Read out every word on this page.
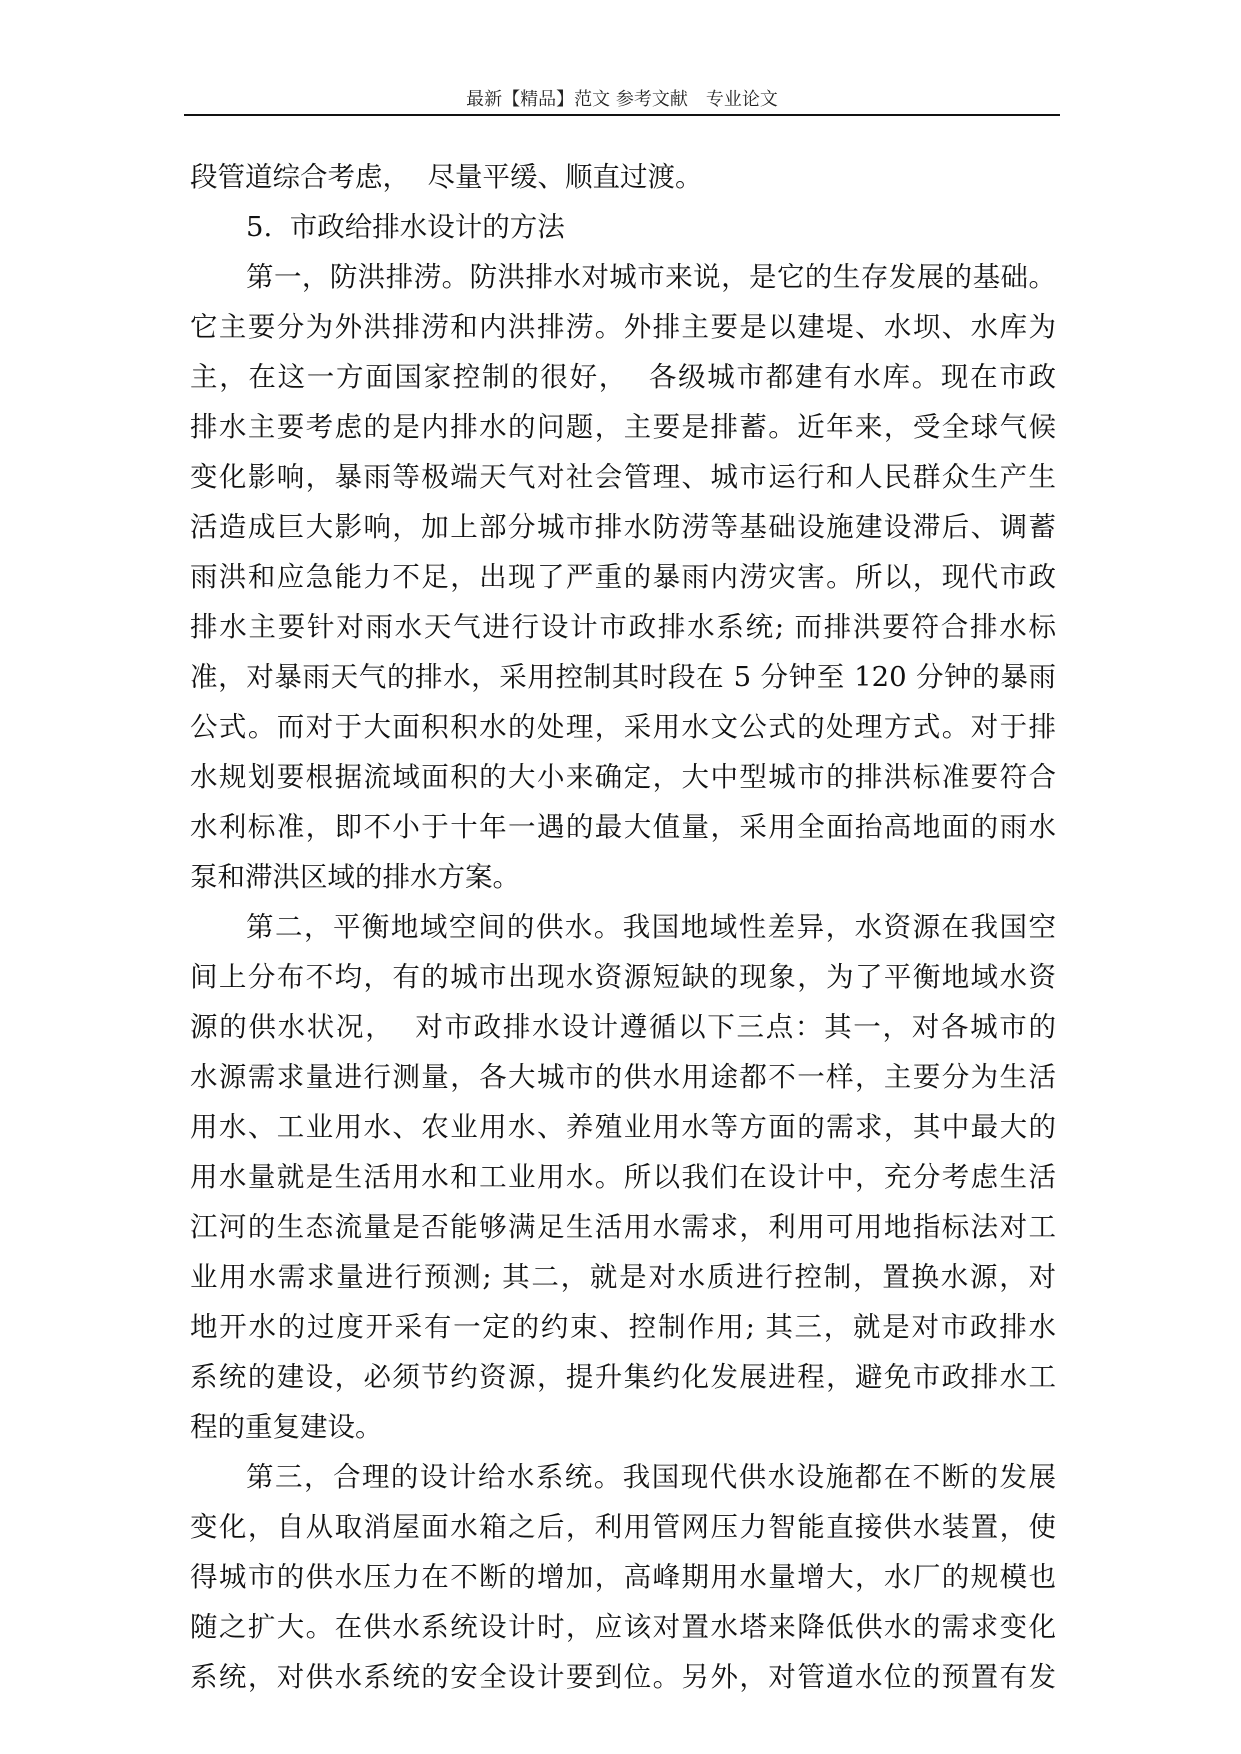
最新【精品】范文 参考文献　专业论文
段管道综合考虑，  尽量平缓、顺直过渡。
5.  市政给排水设计的方法
第一，防洪排涝。防洪排水对城市来说，是它的生存发展的基础。
它主要分为外洪排涝和内洪排涝。外排主要是以建堤、水坝、水库为
主，在这一方面国家控制的很好，  各级城市都建有水库。现在市政
排水主要考虑的是内排水的问题，主要是排蓄。近年来，受全球气候
变化影响，暴雨等极端天气对社会管理、城市运行和人民群众生产生
活造成巨大影响，加上部分城市排水防涝等基础设施建设滞后、调蓄
雨洪和应急能力不足，出现了严重的暴雨内涝灾害。所以，现代市政
排水主要针对雨水天气进行设计市政排水系统; 而排洪要符合排水标
准，对暴雨天气的排水，采用控制其时段在 5 分钟至 120 分钟的暴雨
公式。而对于大面积积水的处理，采用水文公式的处理方式。对于排
水规划要根据流域面积的大小来确定，大中型城市的排洪标准要符合
水利标准，即不小于十年一遇的最大值量，采用全面抬高地面的雨水
泵和滞洪区域的排水方案。
第二，平衡地域空间的供水。我国地域性差异，水资源在我国空
间上分布不均，有的城市出现水资源短缺的现象，为了平衡地域水资
源的供水状况，  对市政排水设计遵循以下三点：其一，对各城市的
水源需求量进行测量，各大城市的供水用途都不一样，主要分为生活
用水、工业用水、农业用水、养殖业用水等方面的需求，其中最大的
用水量就是生活用水和工业用水。所以我们在设计中，充分考虑生活
江河的生态流量是否能够满足生活用水需求，利用可用地指标法对工
业用水需求量进行预测; 其二，就是对水质进行控制，置换水源，对
地开水的过度开采有一定的约束、控制作用; 其三，就是对市政排水
系统的建设，必须节约资源，提升集约化发展进程，避免市政排水工
程的重复建设。
第三，合理的设计给水系统。我国现代供水设施都在不断的发展
变化，自从取消屋面水箱之后，利用管网压力智能直接供水装置，使
得城市的供水压力在不断的增加，高峰期用水量增大，水厂的规模也
随之扩大。在供水系统设计时，应该对置水塔来降低供水的需求变化
系统，对供水系统的安全设计要到位。另外，对管道水位的预置有发
